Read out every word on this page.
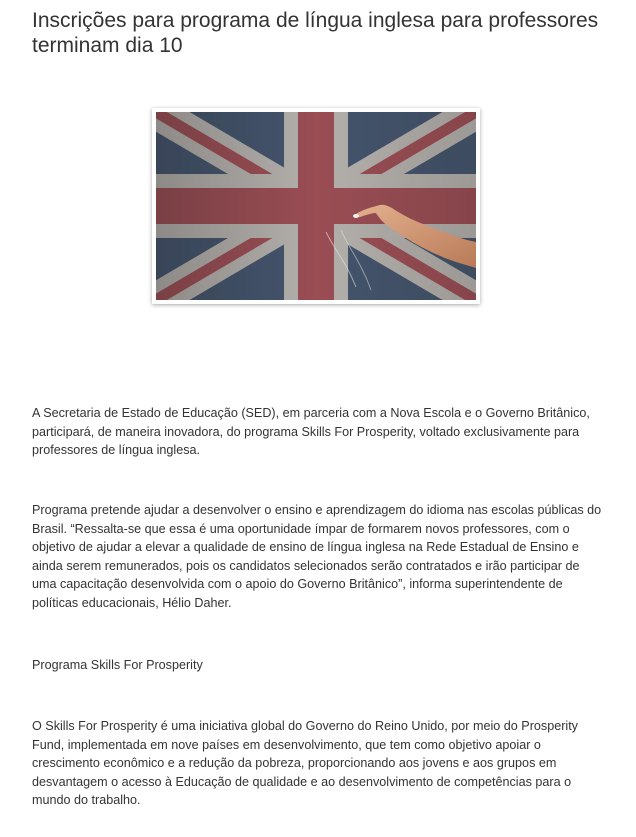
Inscrições para programa de língua inglesa para professores terminam dia 10

A Secretaria de Estado de Educação (SED), em parceria com a Nova Escola e o Governo Britânico, participará, de maneira inovadora, do programa Skills For Prosperity, voltado exclusivamente para professores de língua inglesa.

Programa pretende ajudar a desenvolver o ensino e aprendizagem do idioma nas escolas públicas do Brasil. “Ressalta-se que essa é uma oportunidade ímpar de formarem novos professores, com o objetivo de ajudar a elevar a qualidade de ensino de língua inglesa na Rede Estadual de Ensino e ainda serem remunerados, pois os candidatos selecionados serão contratados e irão participar de uma capacitação desenvolvida com o apoio do Governo Britânico”, informa superintendente de políticas educacionais, Hélio Daher.

Programa Skills For Prosperity

O Skills For Prosperity é uma iniciativa global do Governo do Reino Unido, por meio do Prosperity Fund, implementada em nove países em desenvolvimento, que tem como objetivo apoiar o crescimento econômico e a redução da pobreza, proporcionando aos jovens e aos grupos em desvantagem o acesso à Educação de qualidade e ao desenvolvimento de competências para o mundo do trabalho.
